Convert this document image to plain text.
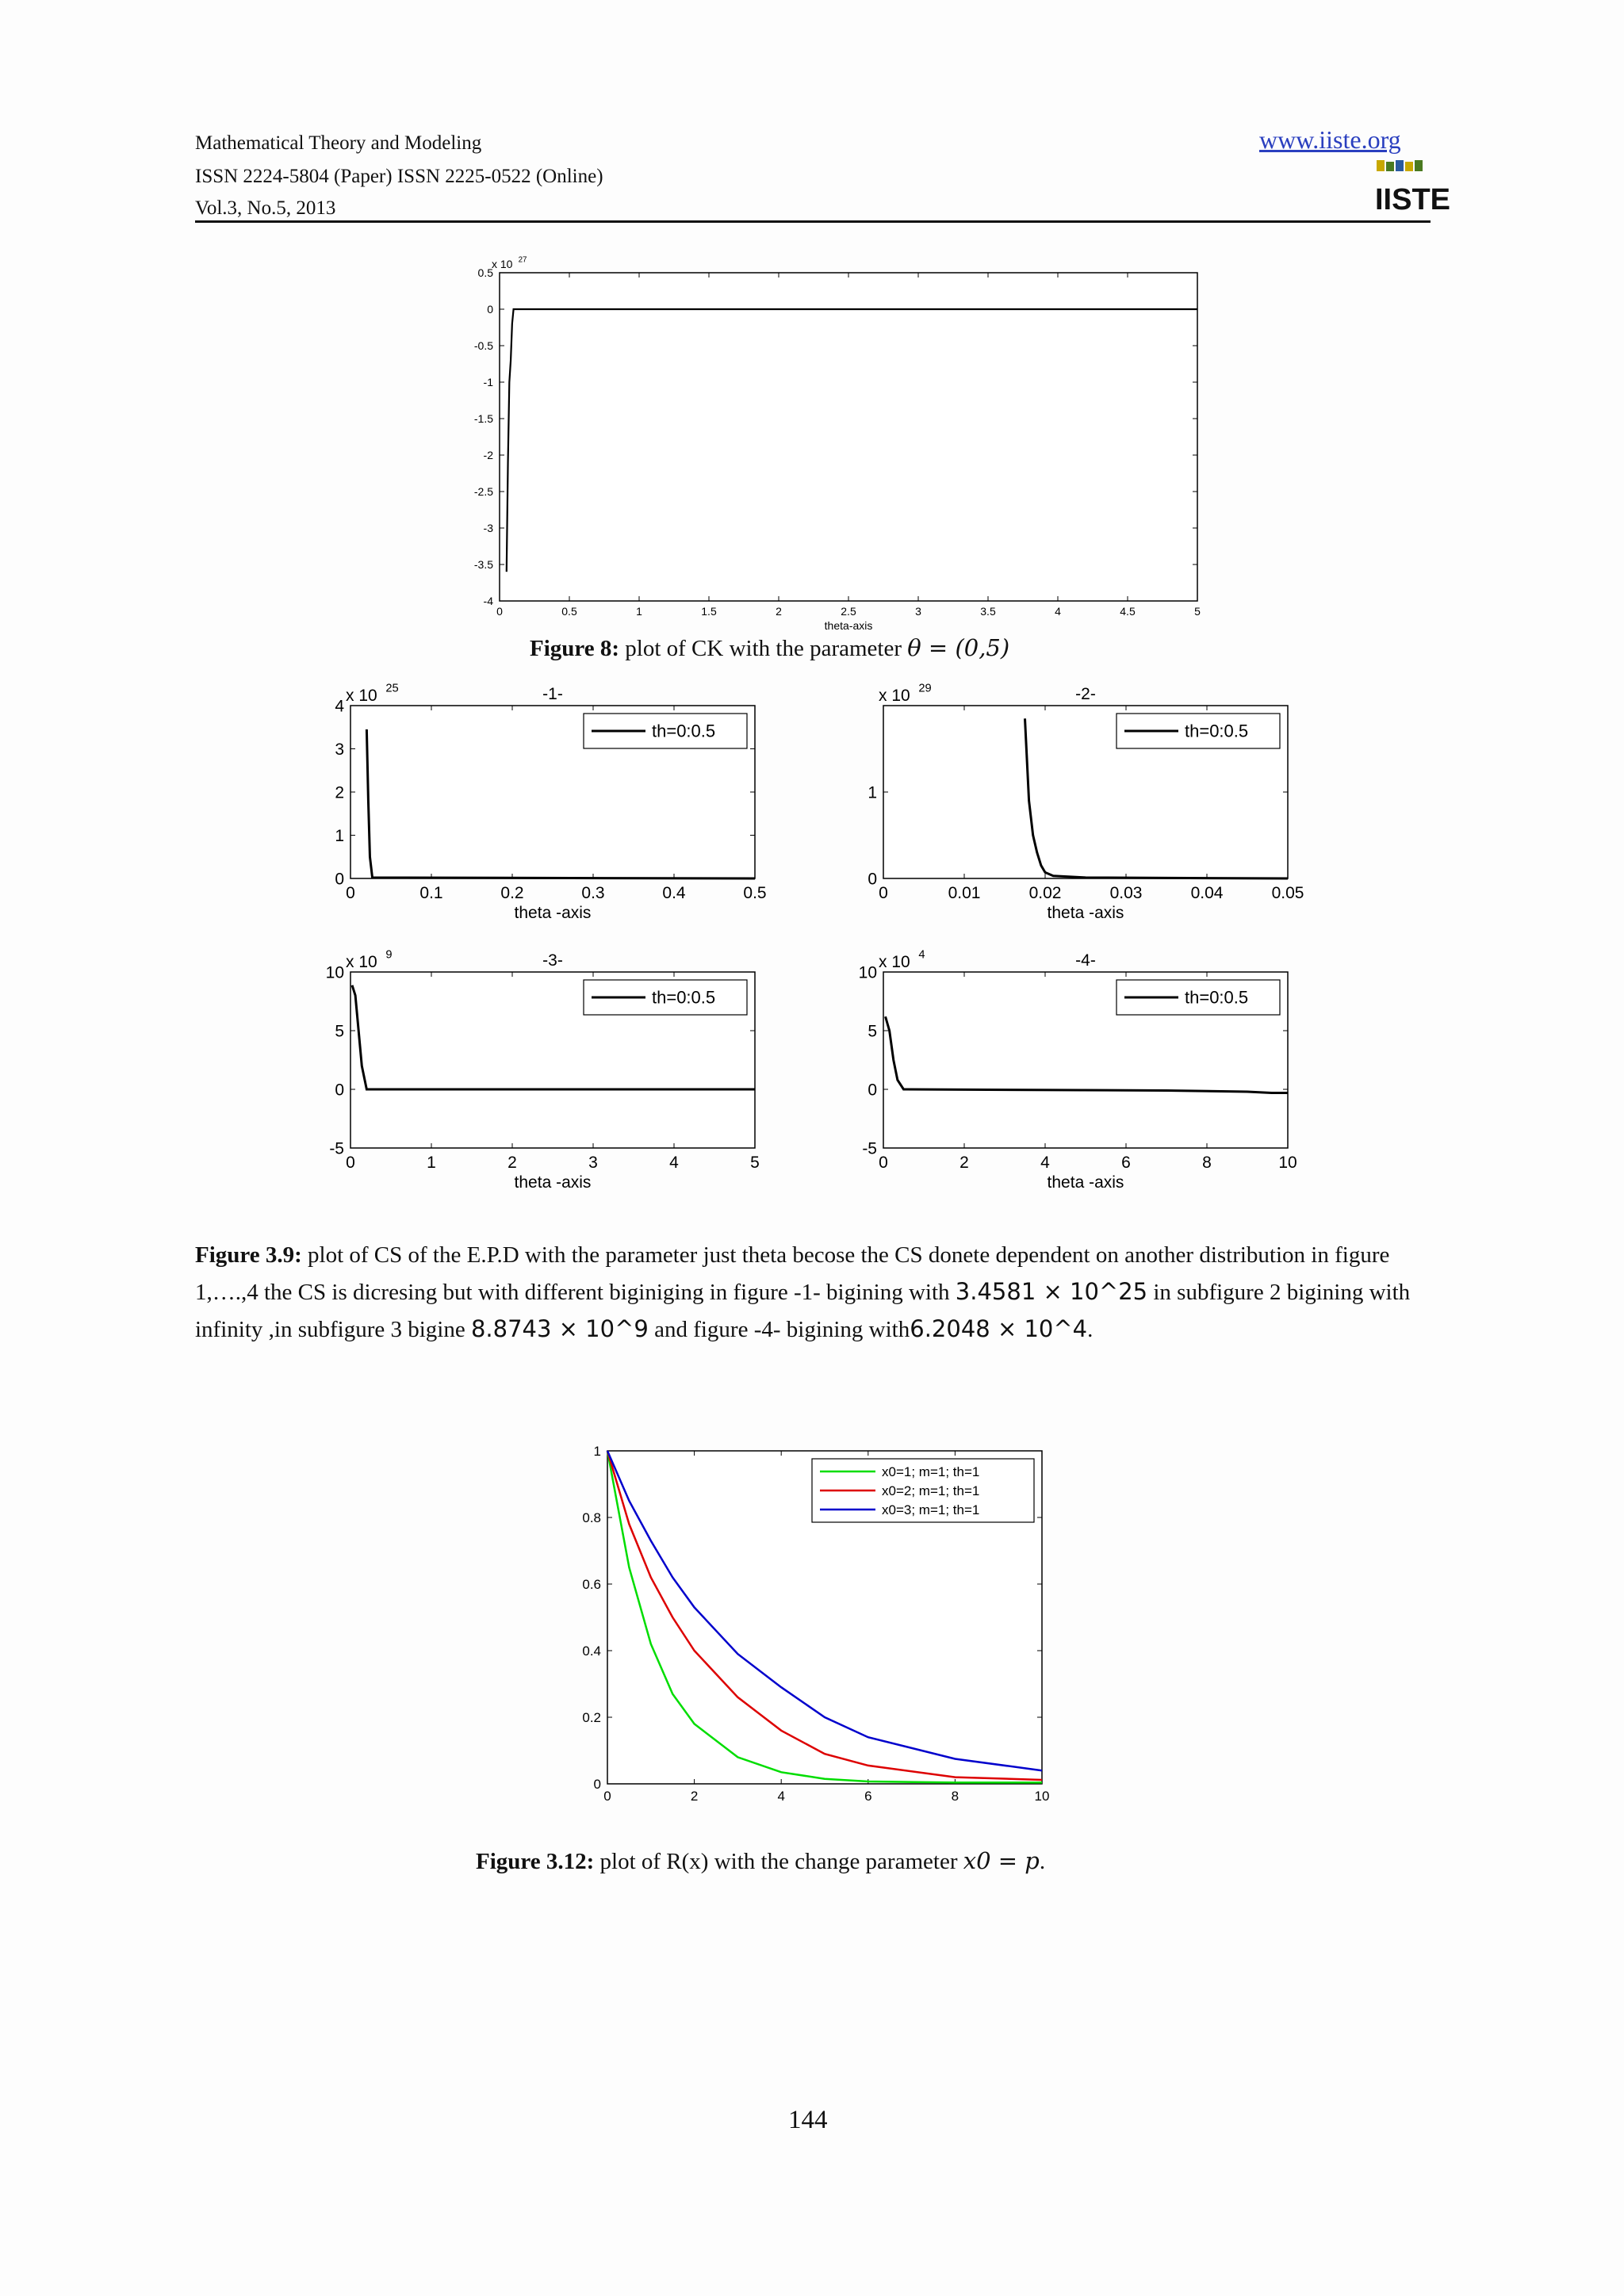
Mathematical Theory and Modeling
ISSN 2224-5804 (Paper) ISSN 2225-0522 (Online)
Vol.3, No.5, 2013
www.iiste.org
IISTE
0	0.5	1	1.5	2	2.5	3	3.5	4	4.5	5
-4
-3.5
-3
-2.5
-2
-1.5
-1
-0.5
0
0.5
x 10 27
theta-axis
Figure 8: plot of CK with the parameter θ = (0,5)
0	0.1	0.2	0.3	0.4	0.5
0
1
2
3
4
x 10 25	-1-
theta -axis
th=0:0.5
0	0.01	0.02	0.03	0.04	0.05
0
1
x 10 29	-2-
theta -axis
th=0:0.5
0	1	2	3	4	5
-5
0
5
10
x 10 9	-3-
theta -axis
th=0:0.5
0	2	4	6	8	10
-5
0
5
10
x 10 4	-4-
theta -axis
th=0:0.5
Figure 3.9: plot of CS of the E.P.D with the parameter just theta becose the CS donete dependent on another distribution in figure 1,….,4 the CS is dicresing but with different biginiging in figure -1- bigining with 3.4581 × 10^25 in subfigure 2 bigining with infinity ,in subfigure 3 bigine 8.8743 × 10^9 and figure -4- bigining with6.2048 × 10^4.
0	2	4	6	8	10
0
0.2
0.4
0.6
0.8
1
x0=1; m=1; th=1
x0=2; m=1; th=1
x0=3; m=1; th=1
Figure 3.12: plot of R(x) with the change parameter x0 = p.
144
